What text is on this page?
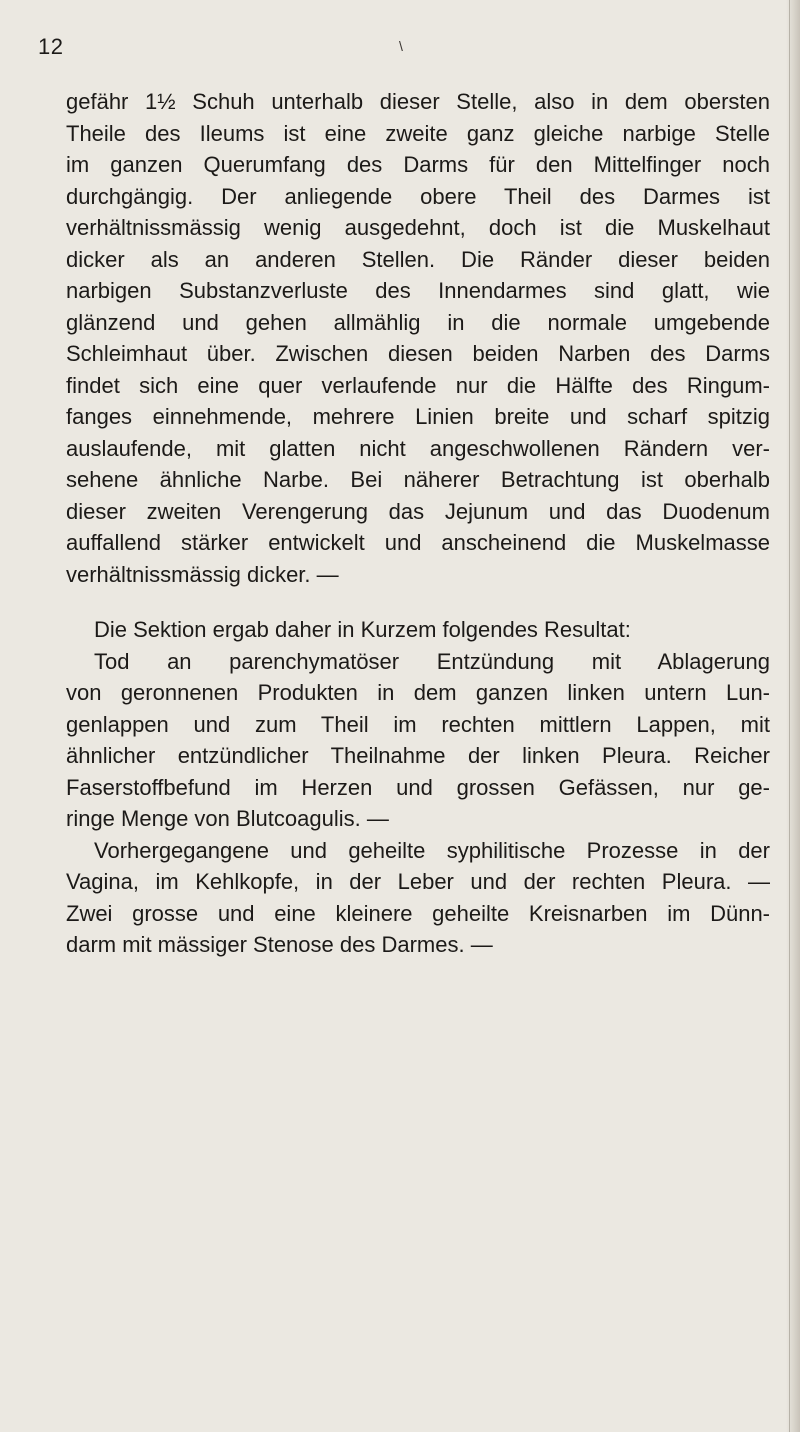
12	\
gefähr 1½ Schuh unterhalb dieser Stelle, also in dem obersten
Theile des Ileums ist eine zweite ganz gleiche narbige Stelle
im ganzen Querumfang des Darms für den Mittelfinger noch
durchgängig. Der anliegende obere Theil des Darmes ist
verhältnissmässig wenig ausgedehnt, doch ist die Muskelhaut
dicker als an anderen Stellen. Die Ränder dieser beiden
narbigen Substanzverluste des Innendarmes sind glatt, wie
glänzend und gehen allmählig in die normale umgebende
Schleimhaut über. Zwischen diesen beiden Narben des Darms
findet sich eine quer verlaufende nur die Hälfte des Ringum-
fanges einnehmende, mehrere Linien breite und scharf spitzig
auslaufende, mit glatten nicht angeschwollenen Rändern ver-
sehene ähnliche Narbe. Bei näherer Betrachtung ist oberhalb
dieser zweiten Verengerung das Jejunum und das Duodenum
auffallend stärker entwickelt und anscheinend die Muskelmasse
verhältnissmässig dicker. —
Die Sektion ergab daher in Kurzem folgendes Resultat:
Tod an parenchymatöser Entzündung mit Ablagerung
von geronnenen Produkten in dem ganzen linken untern Lun-
genlappen und zum Theil im rechten mittlern Lappen, mit
ähnlicher entzündlicher Theilnahme der linken Pleura. Reicher
Faserstoffbefund im Herzen und grossen Gefässen, nur ge-
ringe Menge von Blutcoagulis. —
Vorhergegangene und geheilte syphilitische Prozesse in der
Vagina, im Kehlkopfe, in der Leber und der rechten Pleura. —
Zwei grosse und eine kleinere geheilte Kreisnarben im Dünn-
darm mit mässiger Stenose des Darmes. —
